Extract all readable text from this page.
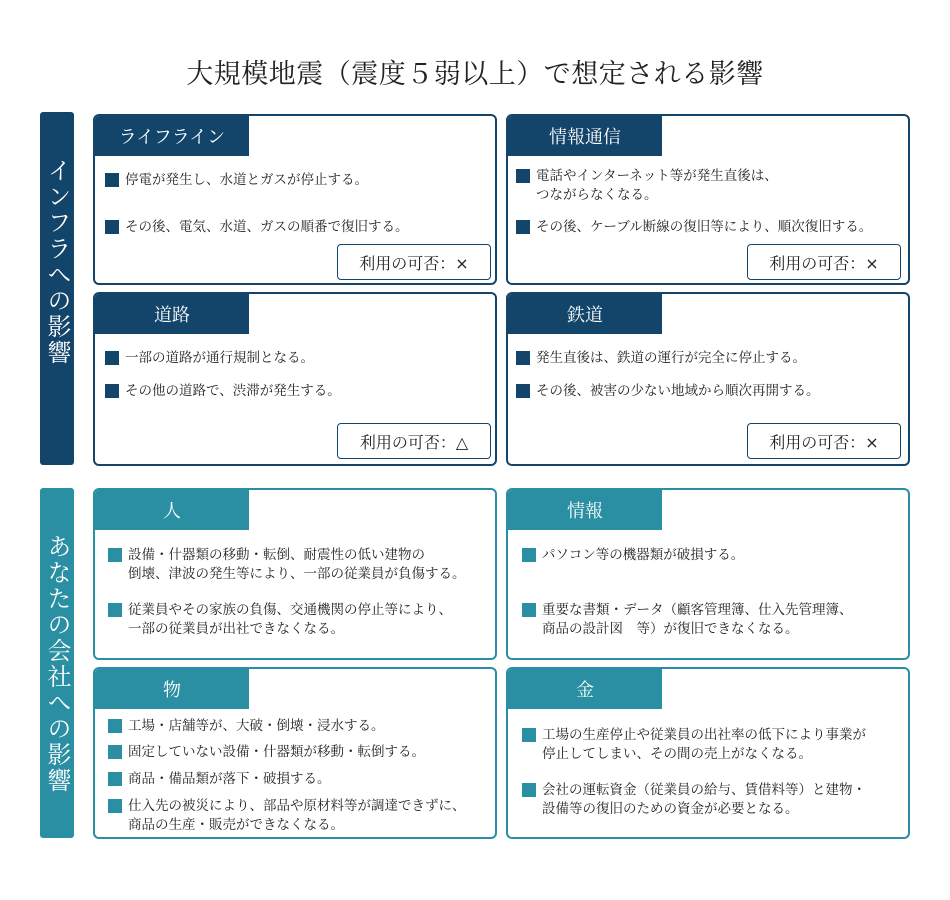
大規模地震（震度５弱以上）で想定される影響
インフラへの影響
あなたの会社への影響
ライフライン
停電が発生し、水道とガスが停止する。
その後、電気、水道、ガスの順番で復旧する。
利用の可否：×
情報通信
電話やインターネット等が発生直後は、
つながらなくなる。
その後、ケーブル断線の復旧等により、順次復旧する。
利用の可否：×
道路
一部の道路が通行規制となる。
その他の道路で、渋滞が発生する。
利用の可否：△
鉄道
発生直後は、鉄道の運行が完全に停止する。
その後、被害の少ない地域から順次再開する。
利用の可否：×
人
設備・什器類の移動・転倒、耐震性の低い建物の
倒壊、津波の発生等により、一部の従業員が負傷する。
従業員やその家族の負傷、交通機関の停止等により、
一部の従業員が出社できなくなる。
情報
パソコン等の機器類が破損する。
重要な書類・データ（顧客管理簿、仕入先管理簿、
商品の設計図　等）が復旧できなくなる。
物
工場・店舗等が、大破・倒壊・浸水する。
固定していない設備・什器類が移動・転倒する。
商品・備品類が落下・破損する。
仕入先の被災により、部品や原材料等が調達できずに、
商品の生産・販売ができなくなる。
金
工場の生産停止や従業員の出社率の低下により事業が
停止してしまい、その間の売上がなくなる。
会社の運転資金（従業員の給与、賃借料等）と建物・
設備等の復旧のための資金が必要となる。
